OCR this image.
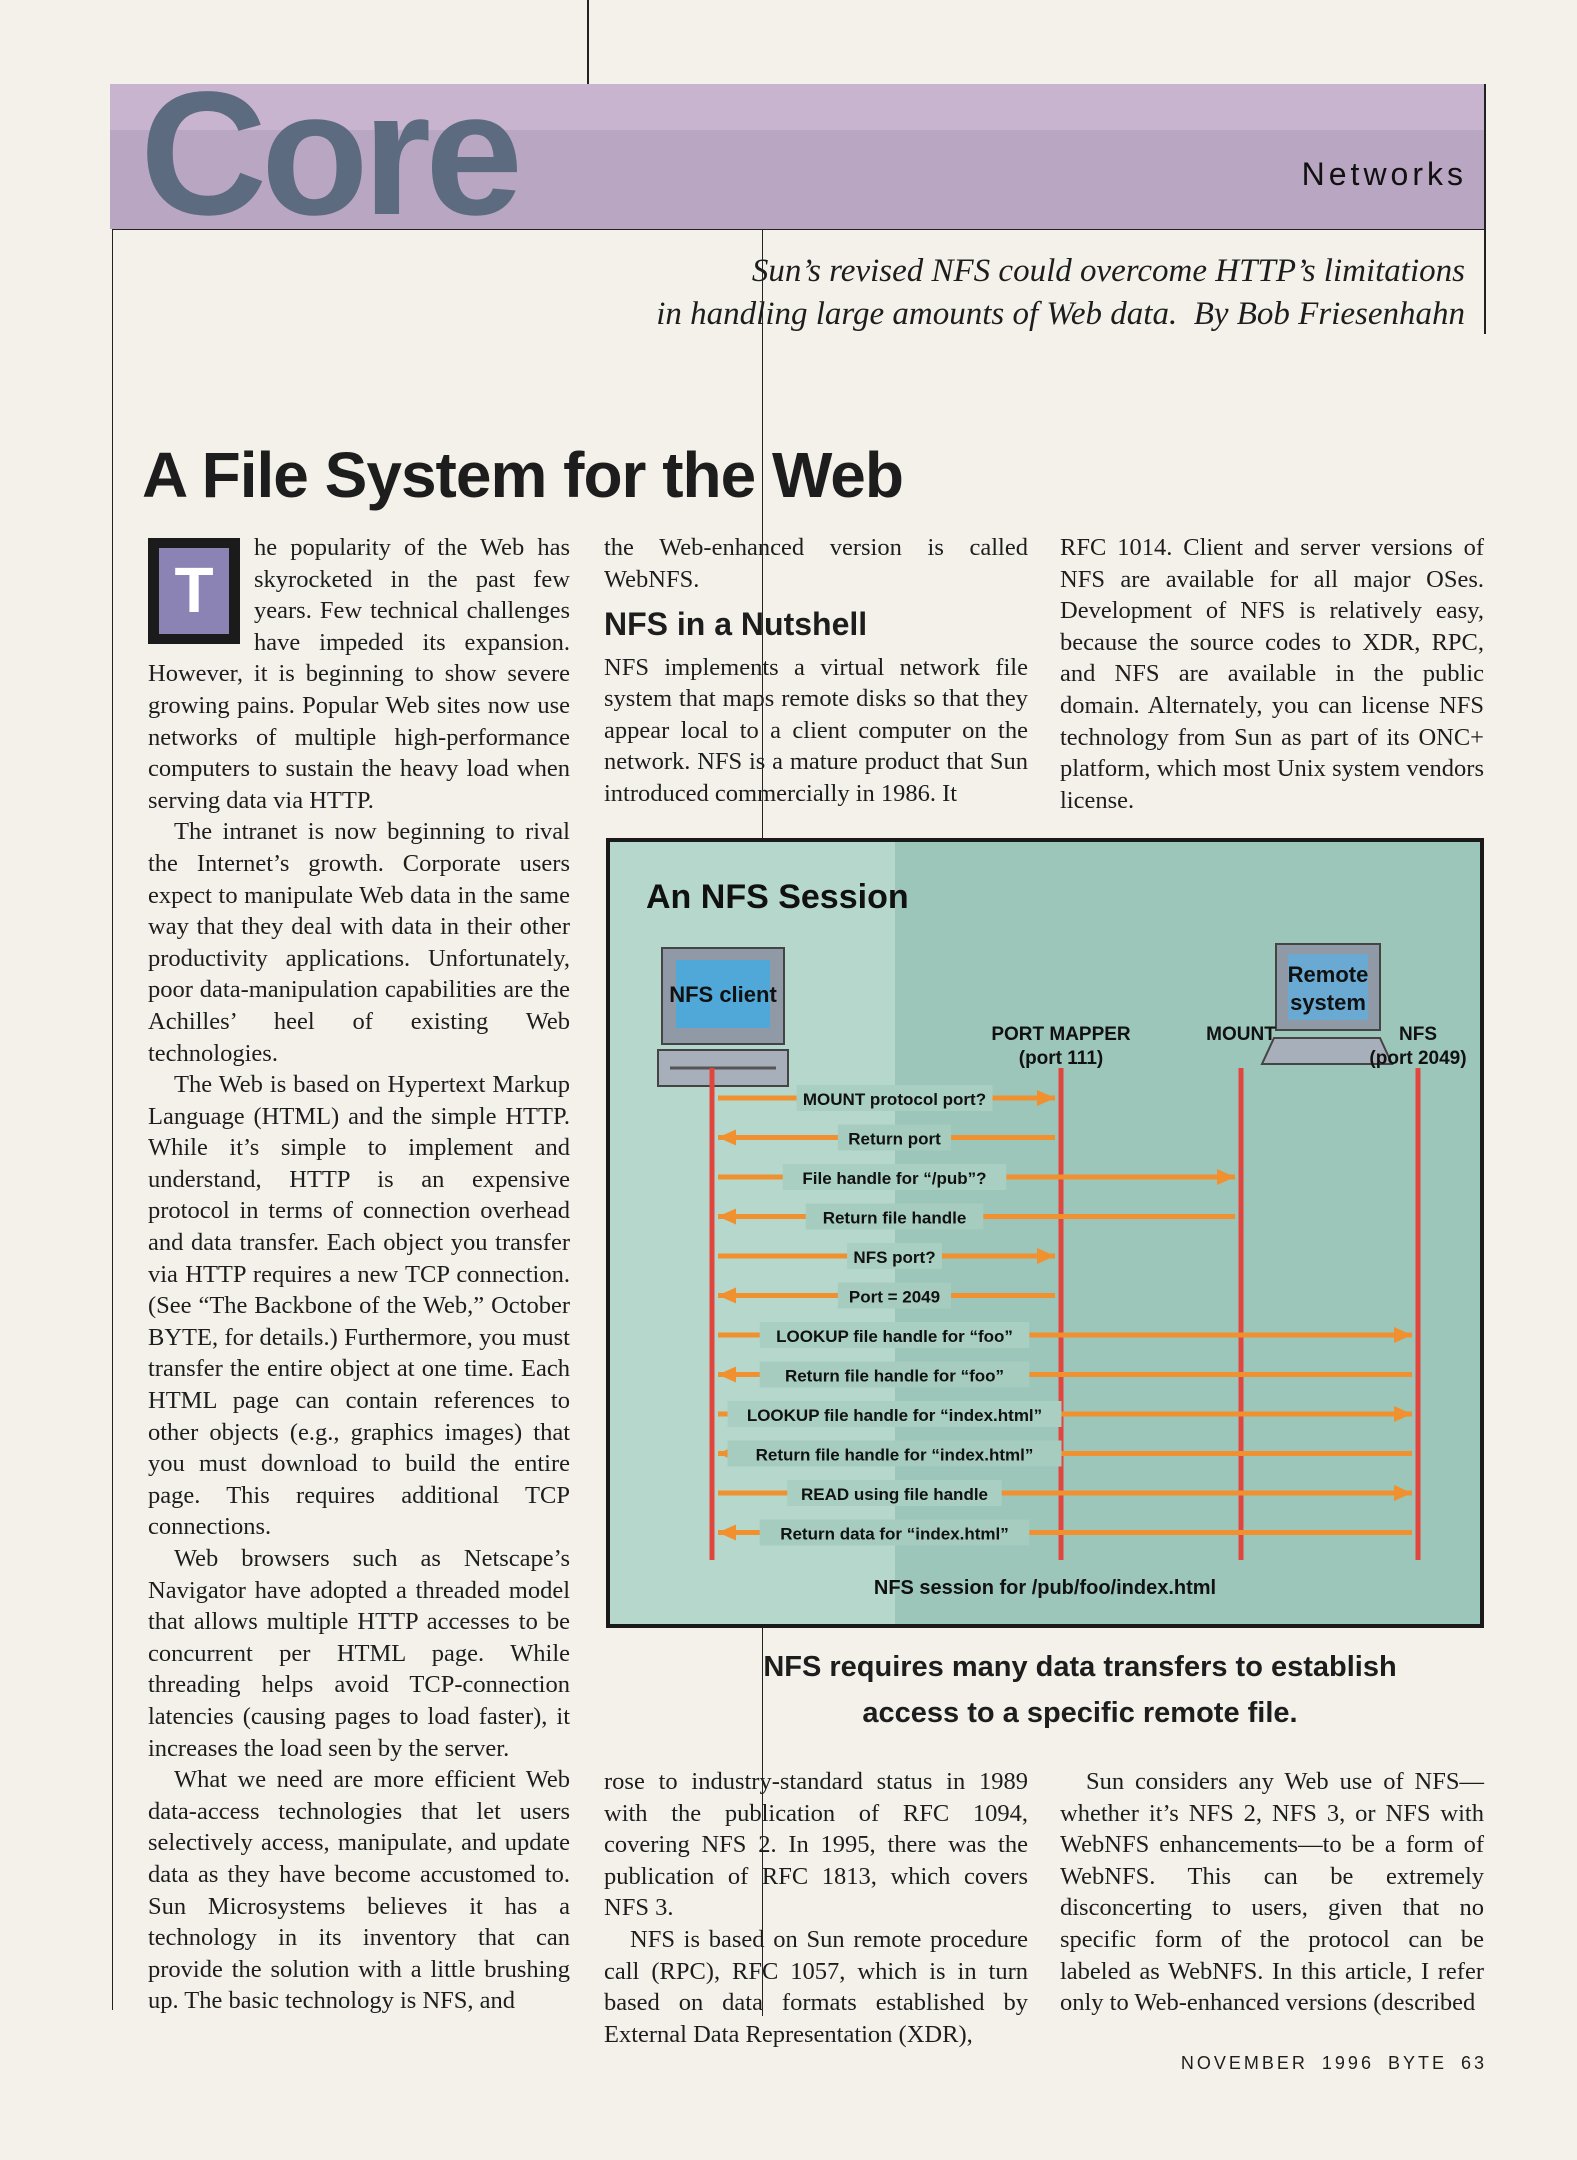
Core	Networks
Sun’s revised NFS could overcome HTTP’s limitations
in handling large amounts of Web data. By Bob Friesenhahn
A File System for the Web
T

he popularity of the Web has skyrocketed in the past few years. Few technical challenges have impeded its expansion. However, it is beginning to show severe growing pains. Popular Web sites now use networks of multiple high-performance computers to sustain the heavy load when serving data via HTTP.

The intranet is now beginning to rival the Internet’s growth. Corporate users expect to manipulate Web data in the same way that they deal with data in their other productivity applications. Unfortunately, poor data-manipulation capabilities are the Achilles’ heel of existing Web technologies.

The Web is based on Hypertext Markup Language (HTML) and the simple HTTP. While it’s simple to implement and understand, HTTP is an expensive protocol in terms of connection overhead and data transfer. Each object you transfer via HTTP requires a new TCP connection. (See “The Backbone of the Web,” October BYTE, for details.) Furthermore, you must transfer the entire object at one time. Each HTML page can contain references to other objects (e.g., graphics images) that you must download to build the entire page. This requires additional TCP connections.

Web browsers such as Netscape’s Navigator have adopted a threaded model that allows multiple HTTP accesses to be concurrent per HTML page. While threading helps avoid TCP-connection latencies (causing pages to load faster), it increases the load seen by the server.

What we need are more efficient Web data-access technologies that let users selectively access, manipulate, and update data as they have become accustomed to. Sun Microsystems believes it has a technology in its inventory that can provide the solution with a little brushing up. The basic technology is NFS, and

the Web-enhanced version is called WebNFS.

NFS in a Nutshell

NFS implements a virtual network file system that maps remote disks so that they appear local to a client computer on the network. NFS is a mature product that Sun introduced commercially in 1986. It

RFC 1014. Client and server versions of NFS are available for all major OSes. Development of NFS is relatively easy, because the source codes to XDR, RPC, and NFS are available in the public domain. Alternately, you can license NFS technology from Sun as part of its ONC+ platform, which most Unix system vendors license.

An NFS Session
NFS client
Remote
system
PORT MAPPER
(port 111)
MOUNT	NFS
(port 2049)
MOUNT protocol port?
Return port
File handle for “/pub”?
Return file handle
NFS port?
Port = 2049
LOOKUP file handle for “foo”
Return file handle for “foo”
LOOKUP file handle for “index.html”
Return file handle for “index.html”
READ using file handle
Return data for “index.html”
NFS session for /pub/foo/index.html
NFS requires many data transfers to establish
access to a specific remote file.

rose to industry-standard status in 1989 with the publication of RFC 1094, covering NFS 2. In 1995, there was the publication of RFC 1813, which covers NFS 3.

NFS is based on Sun remote procedure call (RPC), RFC 1057, which is in turn based on data formats established by External Data Representation (XDR),

Sun considers any Web use of NFS—whether it’s NFS 2, NFS 3, or NFS with WebNFS enhancements—to be a form of WebNFS. This can be extremely disconcerting to users, given that no specific form of the protocol can be labeled as WebNFS. In this article, I refer only to Web-enhanced versions (described

NOVEMBER 1996 BYTE 63
